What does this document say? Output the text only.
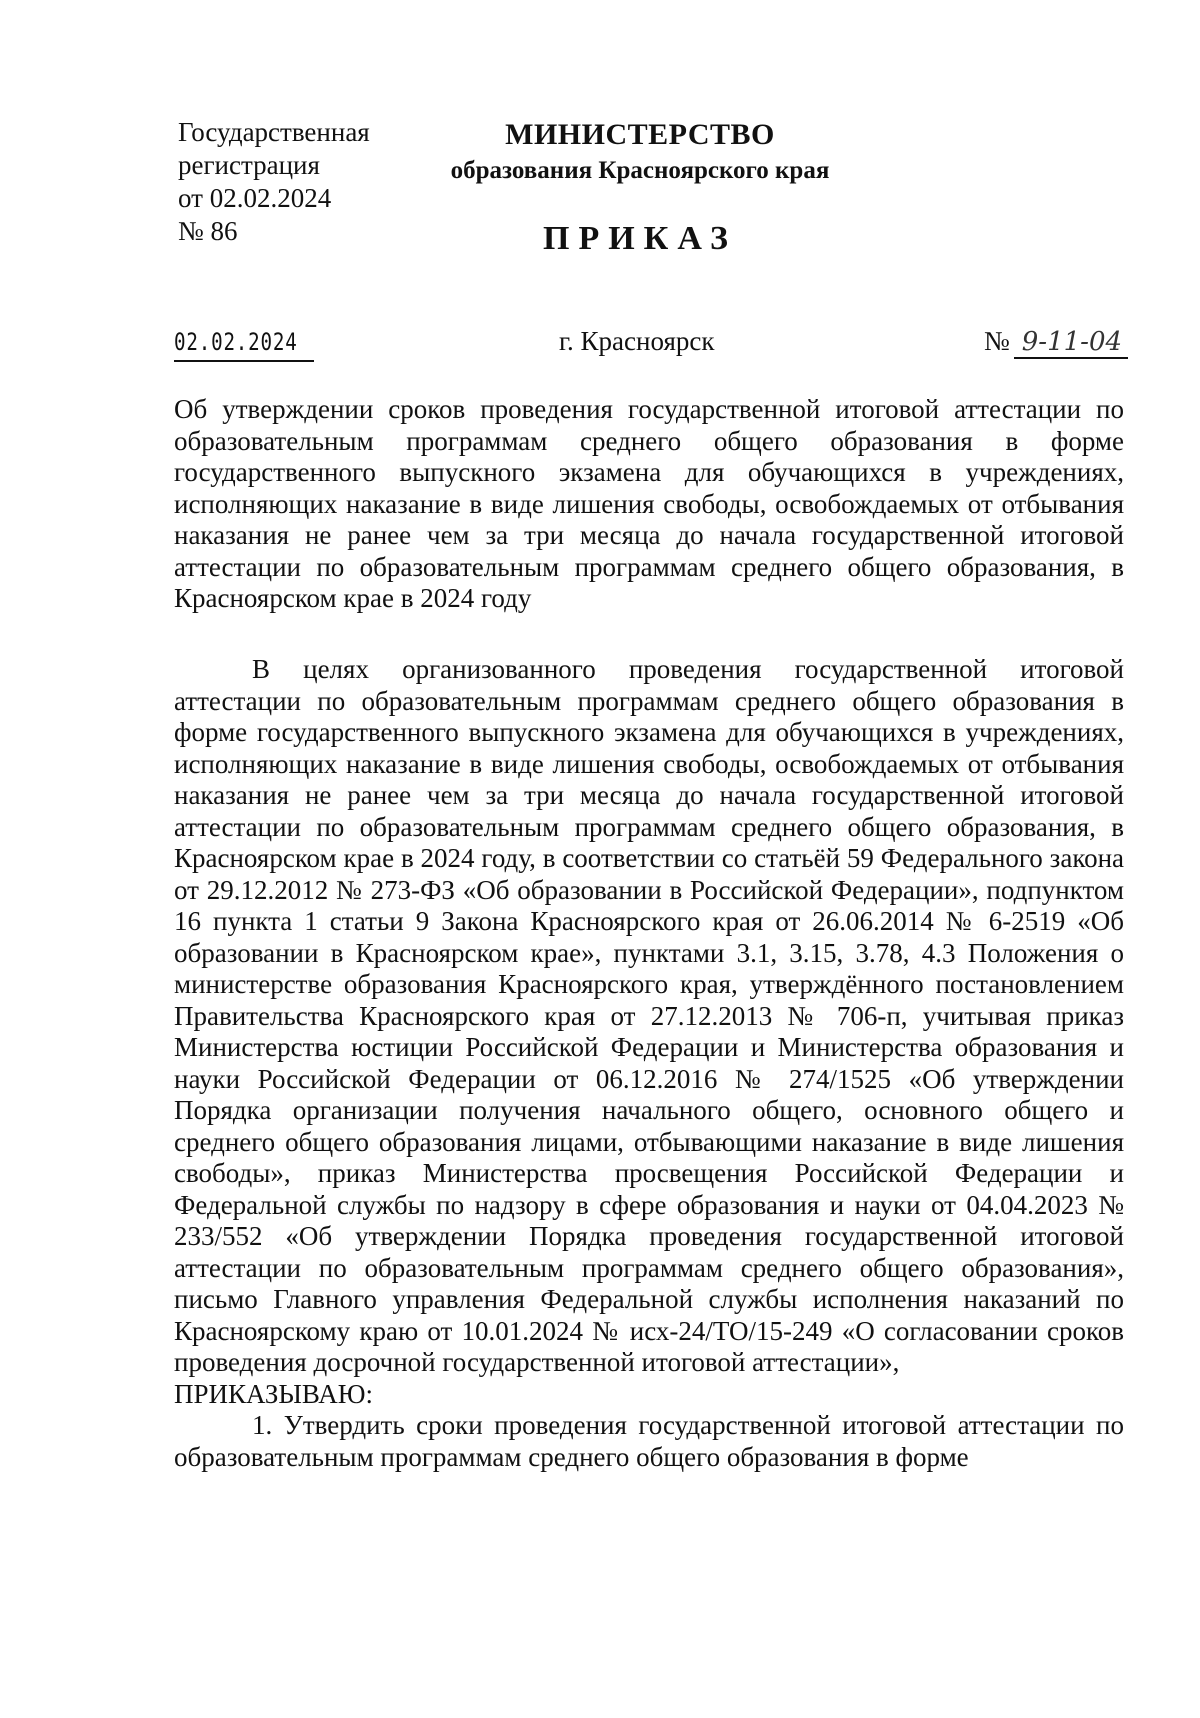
Государственная
регистрация
от 02.02.2024
№ 86
МИНИСТЕРСТВО
образования Красноярского края
ПРИКАЗ
02.02.2024	г. Красноярск	№ 9-11-04
Об утверждении сроков проведения государственной итоговой аттестации по образовательным программам среднего общего образования в форме государственного выпускного экзамена для обучающихся в учреждениях, исполняющих наказание в виде лишения свободы, освобождаемых от отбывания наказания не ранее чем за три месяца до начала государственной итоговой аттестации по образовательным программам среднего общего образования, в Красноярском крае в 2024 году

В целях организованного проведения государственной итоговой аттестации по образовательным программам среднего общего образования в форме государственного выпускного экзамена для обучающихся в учреждениях, исполняющих наказание в виде лишения свободы, освобождаемых от отбывания наказания не ранее чем за три месяца до начала государственной итоговой аттестации по образовательным программам среднего общего образования, в Красноярском крае в 2024 году, в соответствии со статьёй 59 Федерального закона от 29.12.2012 № 273-ФЗ «Об образовании в Российской Федерации», подпунктом 16 пункта 1 статьи 9 Закона Красноярского края от 26.06.2014 № 6-2519 «Об образовании в Красноярском крае», пунктами 3.1, 3.15, 3.78, 4.3 Положения о министерстве образования Красноярского края, утверждённого постановлением Правительства Красноярского края от 27.12.2013 № 706-п, учитывая приказ Министерства юстиции Российской Федерации и Министерства образования и науки Российской Федерации от 06.12.2016 № 274/1525 «Об утверждении Порядка организации получения начального общего, основного общего и среднего общего образования лицами, отбывающими наказание в виде лишения свободы», приказ Министерства просвещения Российской Федерации и Федеральной службы по надзору в сфере образования и науки от 04.04.2023 № 233/552 «Об утверждении Порядка проведения государственной итоговой аттестации по образовательным программам среднего общего образования», письмо Главного управления Федеральной службы исполнения наказаний по Красноярскому краю от 10.01.2024 № исх-24/ТО/15-249 «О согласовании сроков проведения досрочной государственной итоговой аттестации»,

ПРИКАЗЫВАЮ:

1. Утвердить сроки проведения государственной итоговой аттестации по образовательным программам среднего общего образования в форме
